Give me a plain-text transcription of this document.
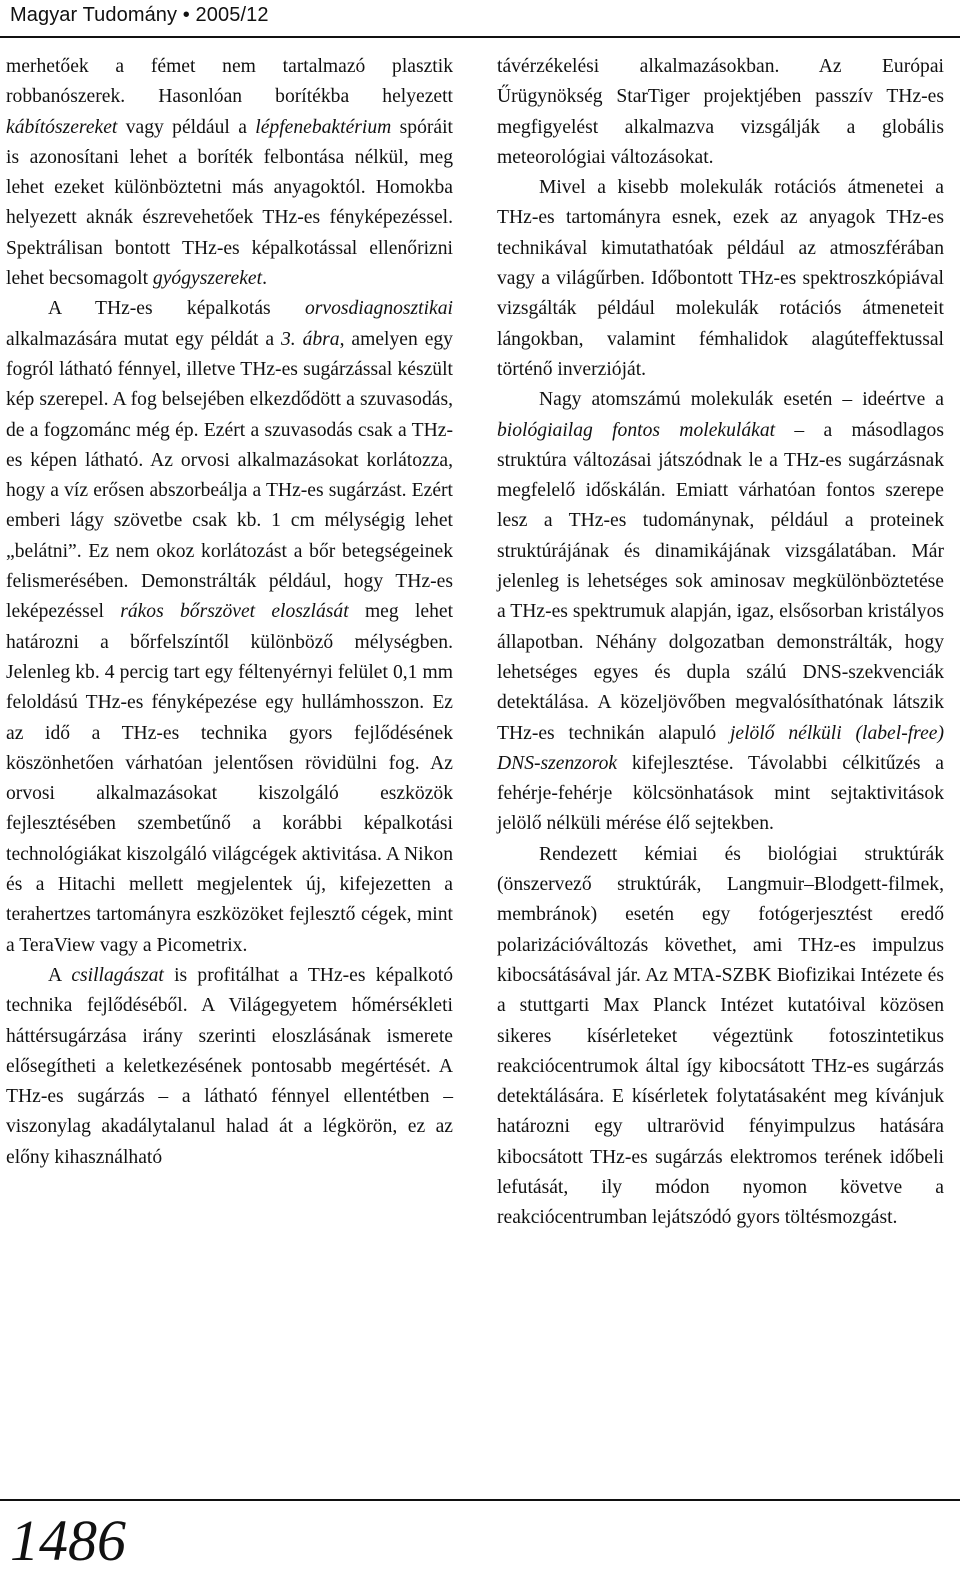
Magyar Tudomány • 2005/12

merhetőek a fémet nem tartalmazó plasztik robbanószerek. Hasonlóan borítékba helyezett kábítószereket vagy például a lépfenebaktérium spóráit is azonosítani lehet a boríték felbontása nélkül, meg lehet ezeket különböztetni más anyagoktól. Homokba helyezett aknák észrevehetőek THz-es fényképezéssel. Spektrálisan bontott THz-es képalkotással ellenőrizni lehet becsomagolt gyógyszereket.

A THz-es képalkotás orvosdiagnosztikai alkalmazására mutat egy példát a 3. ábra, amelyen egy fogról látható fénnyel, illetve THz-es sugárzással készült kép szerepel. A fog belsejében elkezdődött a szuvasodás, de a fogzománc még ép. Ezért a szuvasodás csak a THz-es képen látható. Az orvosi alkalmazásokat korlátozza, hogy a víz erősen abszorbeálja a THz-es sugárzást. Ezért emberi lágy szövetbe csak kb. 1 cm mélységig lehet „belátni”. Ez nem okoz korlátozást a bőr betegségeinek felismerésében. Demonstrálták például, hogy THz-es leképezéssel rákos bőrszövet eloszlását meg lehet határozni a bőrfelszíntől különböző mélységben. Jelenleg kb. 4 percig tart egy féltenyérnyi felület 0,1 mm feloldású THz-es fényképezése egy hullámhosszon. Ez az idő a THz-es technika gyors fejlődésének köszönhetően várhatóan jelentősen rövidülni fog. Az orvosi alkalmazásokat kiszolgáló eszközök fejlesztésében szembetűnő a korábbi képalkotási technológiákat kiszolgáló világcégek aktivitása. A Nikon és a Hitachi mellett megjelentek új, kifejezetten a terahertzes tartományra eszközöket fejlesztő cégek, mint a TeraView vagy a Picometrix.

A csillagászat is profitálhat a THz-es képalkotó technika fejlődéséből. A Világegyetem hőmérsékleti háttérsugárzása irány szerinti eloszlásának ismerete elősegítheti a keletkezésének pontosabb megértését. A THz-es sugárzás – a látható fénnyel ellentétben – viszonylag akadálytalanul halad át a légkörön, ez az előny kihasználható

távérzékelési alkalmazásokban. Az Európai Űrügynökség StarTiger projektjében passzív THz-es megfigyelést alkalmazva vizsgálják a globális meteorológiai változásokat.

Mivel a kisebb molekulák rotációs átmenetei a THz-es tartományra esnek, ezek az anyagok THz-es technikával kimutathatóak például az atmoszférában vagy a világűrben. Időbontott THz-es spektroszkópiával vizsgálták például molekulák rotációs átmeneteit lángokban, valamint fémhalidok alagúteffektussal történő inverzióját.

Nagy atomszámú molekulák esetén – ideértve a biológiailag fontos molekulákat – a másodlagos struktúra változásai játszódnak le a THz-es sugárzásnak megfelelő időskálán. Emiatt várhatóan fontos szerepe lesz a THz-es tudománynak, például a proteinek struktúrájának és dinamikájának vizsgálatában. Már jelenleg is lehetséges sok aminosav megkülönböztetése a THz-es spektrumuk alapján, igaz, elsősorban kristályos állapotban. Néhány dolgozatban demonstrálták, hogy lehetséges egyes és dupla szálú DNS-szekvenciák detektálása. A közeljövőben megvalósíthatónak látszik THz-es technikán alapuló jelölő nélküli (label-free) DNS-szenzorok kifejlesztése. Távolabbi célkitűzés a fehérje-fehérje kölcsönhatások mint sejtaktivitások jelölő nélküli mérése élő sejtekben.

Rendezett kémiai és biológiai struktúrák (önszervező struktúrák, Langmuir–Blodgett-filmek, membránok) esetén egy fotógerjesztést eredő polarizációváltozás követhet, ami THz-es impulzus kibocsátásával jár. Az MTA-SZBK Biofizikai Intézete és a stuttgarti Max Planck Intézet kutatóival közösen sikeres kísérleteket végeztünk fotoszintetikus reakciócentrumok által így kibocsátott THz-es sugárzás detektálására. E kísérletek folytatásaként meg kívánjuk határozni egy ultrarövid fényimpulzus hatására kibocsátott THz-es sugárzás elektromos terének időbeli lefutását, ily módon nyomon követve a reakciócentrumban lejátszódó gyors töltésmozgást.

1486
